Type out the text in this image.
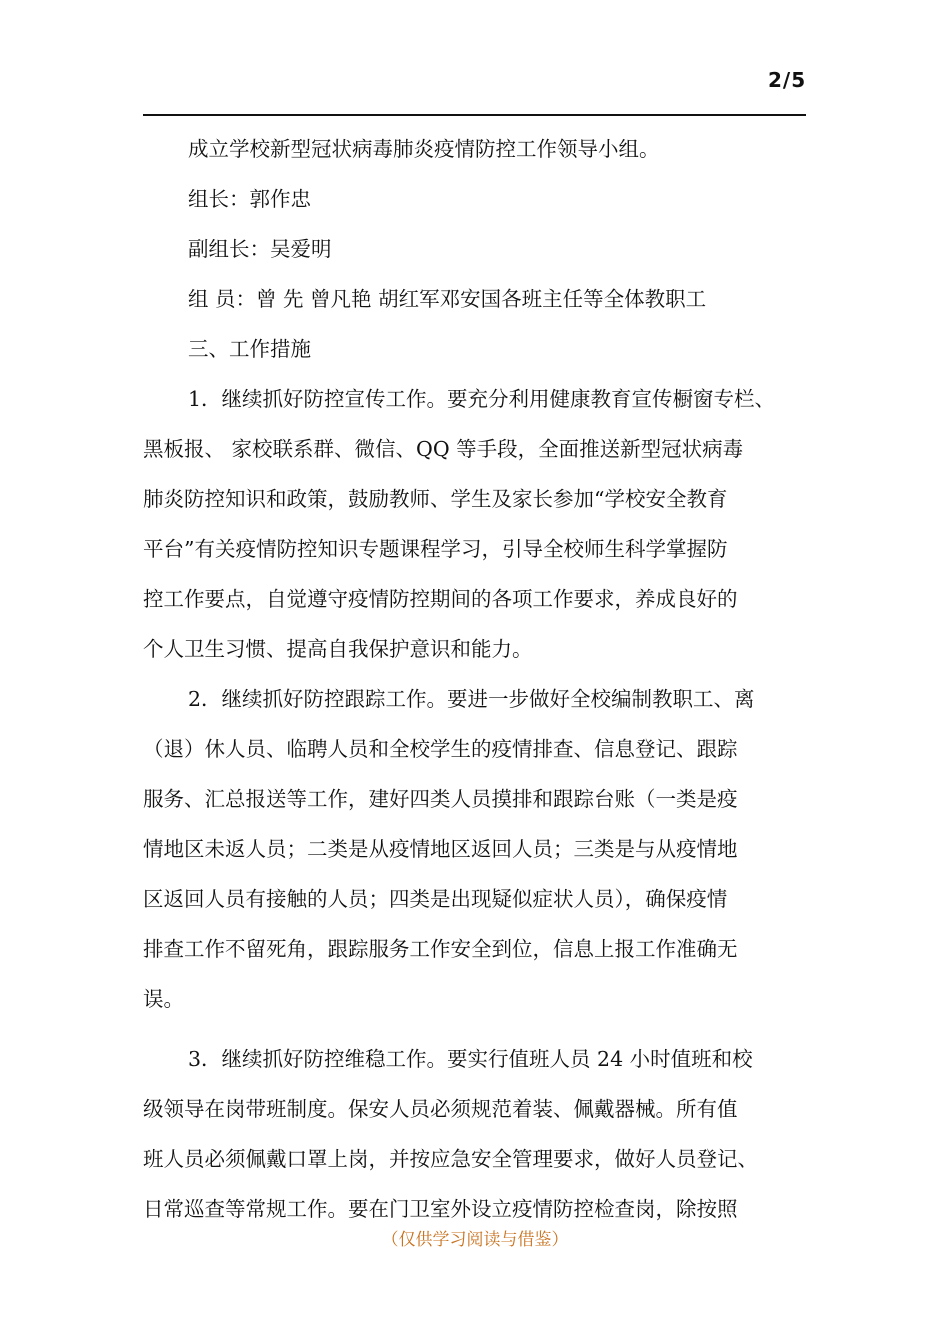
2/5

成立学校新型冠状病毒肺炎疫情防控工作领导小组。

组长：郭作忠

副组长：吴爱明

组 员：曾 先 曾凡艳 胡红军邓安国各班主任等全体教职工

三、工作措施

1．继续抓好防控宣传工作。要充分利用健康教育宣传橱窗专栏、

黑板报、 家校联系群、微信、QQ 等手段，全面推送新型冠状病毒

肺炎防控知识和政策，鼓励教师、学生及家长参加“学校安全教育

平台”有关疫情防控知识专题课程学习，引导全校师生科学掌握防

控工作要点，自觉遵守疫情防控期间的各项工作要求，养成良好的

个人卫生习惯、提高自我保护意识和能力。

2．继续抓好防控跟踪工作。要进一步做好全校编制教职工、离

（退）休人员、临聘人员和全校学生的疫情排查、信息登记、跟踪

服务、汇总报送等工作，建好四类人员摸排和跟踪台账（一类是疫

情地区未返人员；二类是从疫情地区返回人员；三类是与从疫情地

区返回人员有接触的人员；四类是出现疑似症状人员），确保疫情

排查工作不留死角，跟踪服务工作安全到位，信息上报工作准确无

误。

3．继续抓好防控维稳工作。要实行值班人员 24 小时值班和校

级领导在岗带班制度。保安人员必须规范着装、佩戴器械。所有值

班人员必须佩戴口罩上岗，并按应急安全管理要求，做好人员登记、

日常巡查等常规工作。要在门卫室外设立疫情防控检查岗，除按照

（仅供学习阅读与借鉴）
